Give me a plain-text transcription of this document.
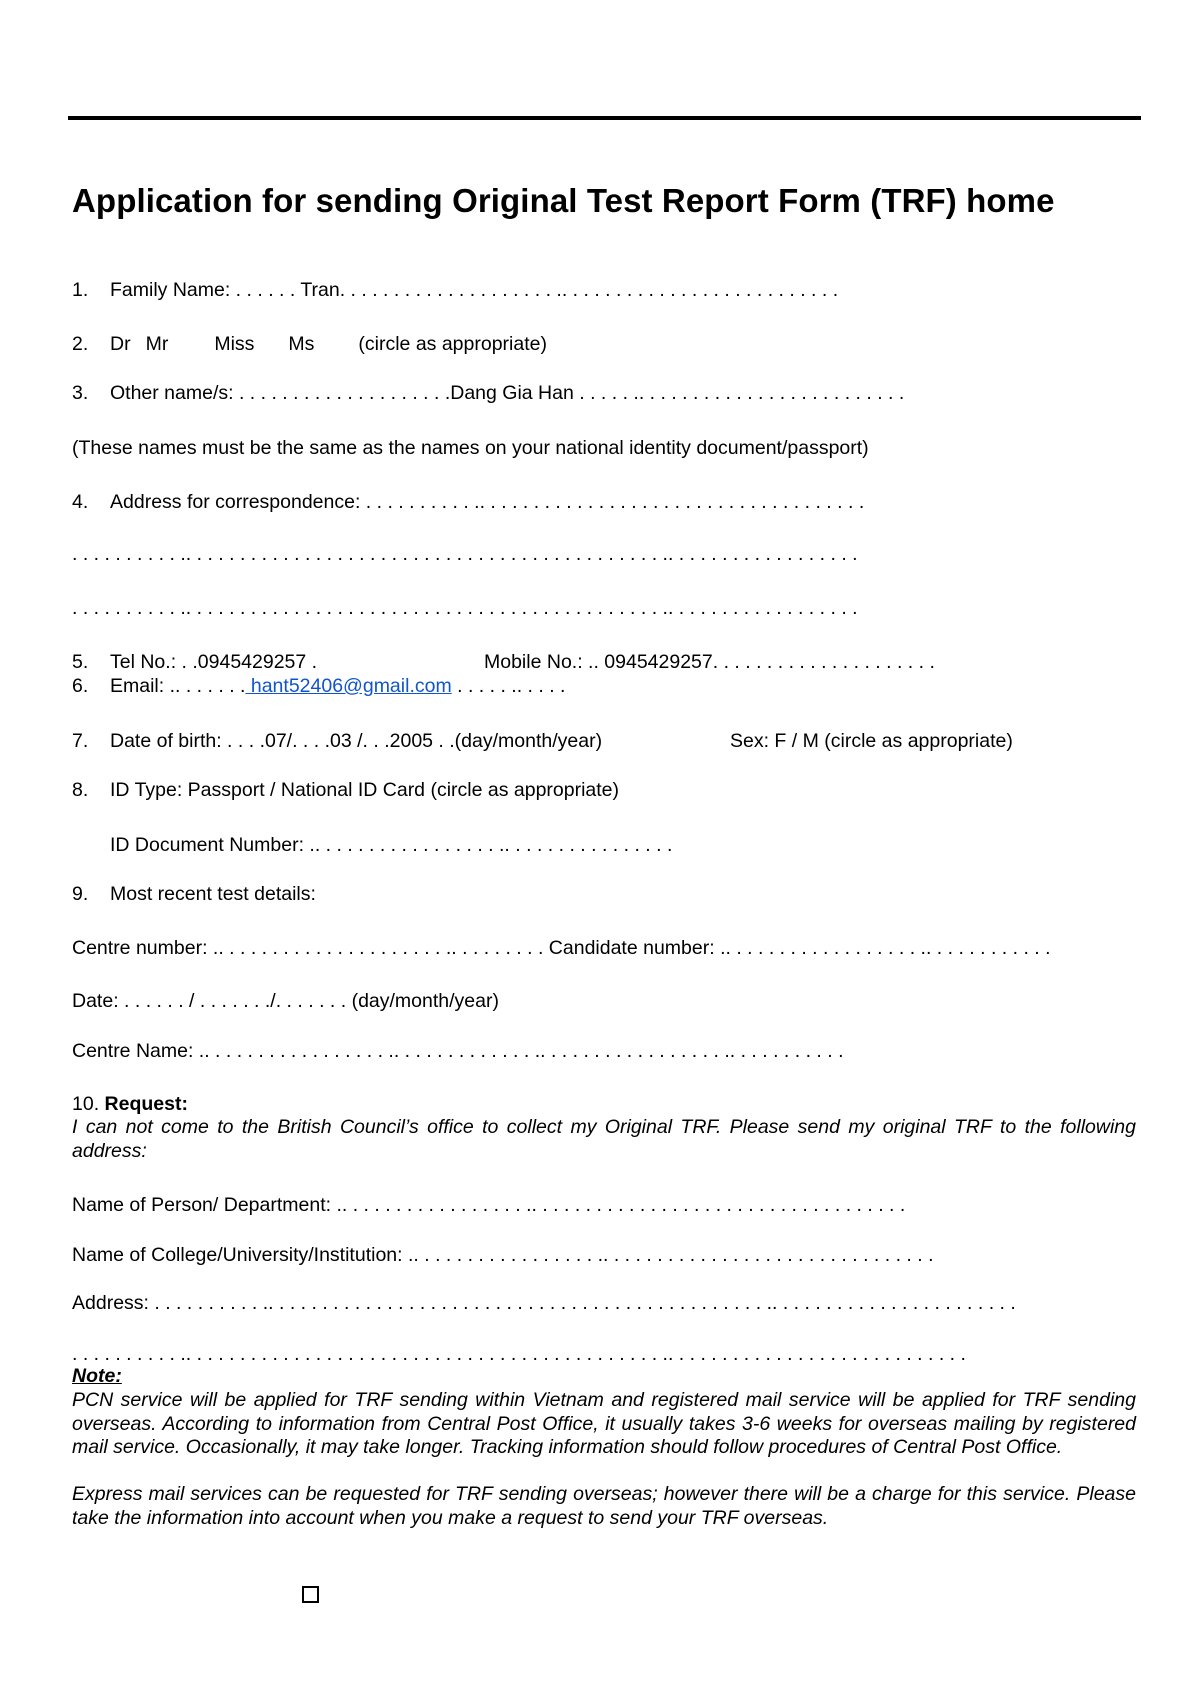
Application for sending Original Test Report Form (TRF) home
1. Family Name: . . . . . . Tran. . . . . . . . . . . . . . . . . . . . .. . . . . . . . . . . . . . . . . . . . . . . . . .
2. Dr Mr Miss Ms (circle as appropriate)
3. Other name/s: . . . . . . . . . . . . . . . . . . . .Dang Gia Han . . . . . .. . . . . . . . . . . . . . . . . . . . . . . . .
(These names must be the same as the names on your national identity document/passport)
4. Address for correspondence: . . . . . . . . . . .. . . . . . . . . . . . . . . . . . . . . . . . . . . . . . . . . . . .
. . . . . . . . . . .. . . . . . . . . . . . . . . . . . . . . . . . . . . . . . . . . . . . . . . . . . . . .. . . . . . . . . . . . . . . . . .
. . . . . . . . . . .. . . . . . . . . . . . . . . . . . . . . . . . . . . . . . . . . . . . . . . . . . . . .. . . . . . . . . . . . . . . . . .
5. Tel No.: . .0945429257 .	Mobile No.: .. 0945429257. . . . . . . . . . . . . . . . . . . . .
6. Email: .. . . . . . . hant52406@gmail.com . . . . . .. . . . .
7. Date of birth: . . . .07/. . . .03 /. . .2005 . .(day/month/year)	Sex: F / M (circle as appropriate)
8. ID Type: Passport / National ID Card (circle as appropriate)
ID Document Number: .. . . . . . . . . . . . . . . . . .. . . . . . . . . . . . . . . .
9. Most recent test details:
Centre number: .. . . . . . . . . . . . . . . . . . . . . .. . . . . . . . . Candidate number: .. . . . . . . . . . . . . . . . . . .. . . . . . . . . . . .
Date: . . . . . . / . . . . . . ./. . . . . . . (day/month/year)
Centre Name: .. . . . . . . . . . . . . . . . . .. . . . . . . . . . . . . .. . . . . . . . . . . . . . . . . .. . . . . . . . . . .
10. Request:
I can not come to the British Council’s office to collect my Original TRF. Please send my original TRF to the following address:
Name of Person/ Department: .. . . . . . . . . . . . . . . . . .. . . . . . . . . . . . . . . . . . . . . . . . . . . . . . . . . . .
Name of College/University/Institution: .. . . . . . . . . . . . . . . . . .. . . . . . . . . . . . . . . . . . . . . . . . . . . . . . .
Address: . . . . . . . . . . .. . . . . . . . . . . . . . . . . . . . . . . . . . . . . . . . . . . . . . . . . . . . . . .. . . . . . . . . . . . . . . . . . . . . . .
. . . . . . . . . . .. . . . . . . . . . . . . . . . . . . . . . . . . . . . . . . . . . . . . . . . . . . . .. . . . . . . . . . . . . . . . . . . . . . . . . . . .
Note:
PCN service will be applied for TRF sending within Vietnam and registered mail service will be applied for TRF sending overseas. According to information from Central Post Office, it usually takes 3-6 weeks for overseas mailing by registered mail service. Occasionally, it may take longer. Tracking information should follow procedures of Central Post Office.
Express mail services can be requested for TRF sending overseas; however there will be a charge for this service. Please take the information into account when you make a request to send your TRF overseas.
